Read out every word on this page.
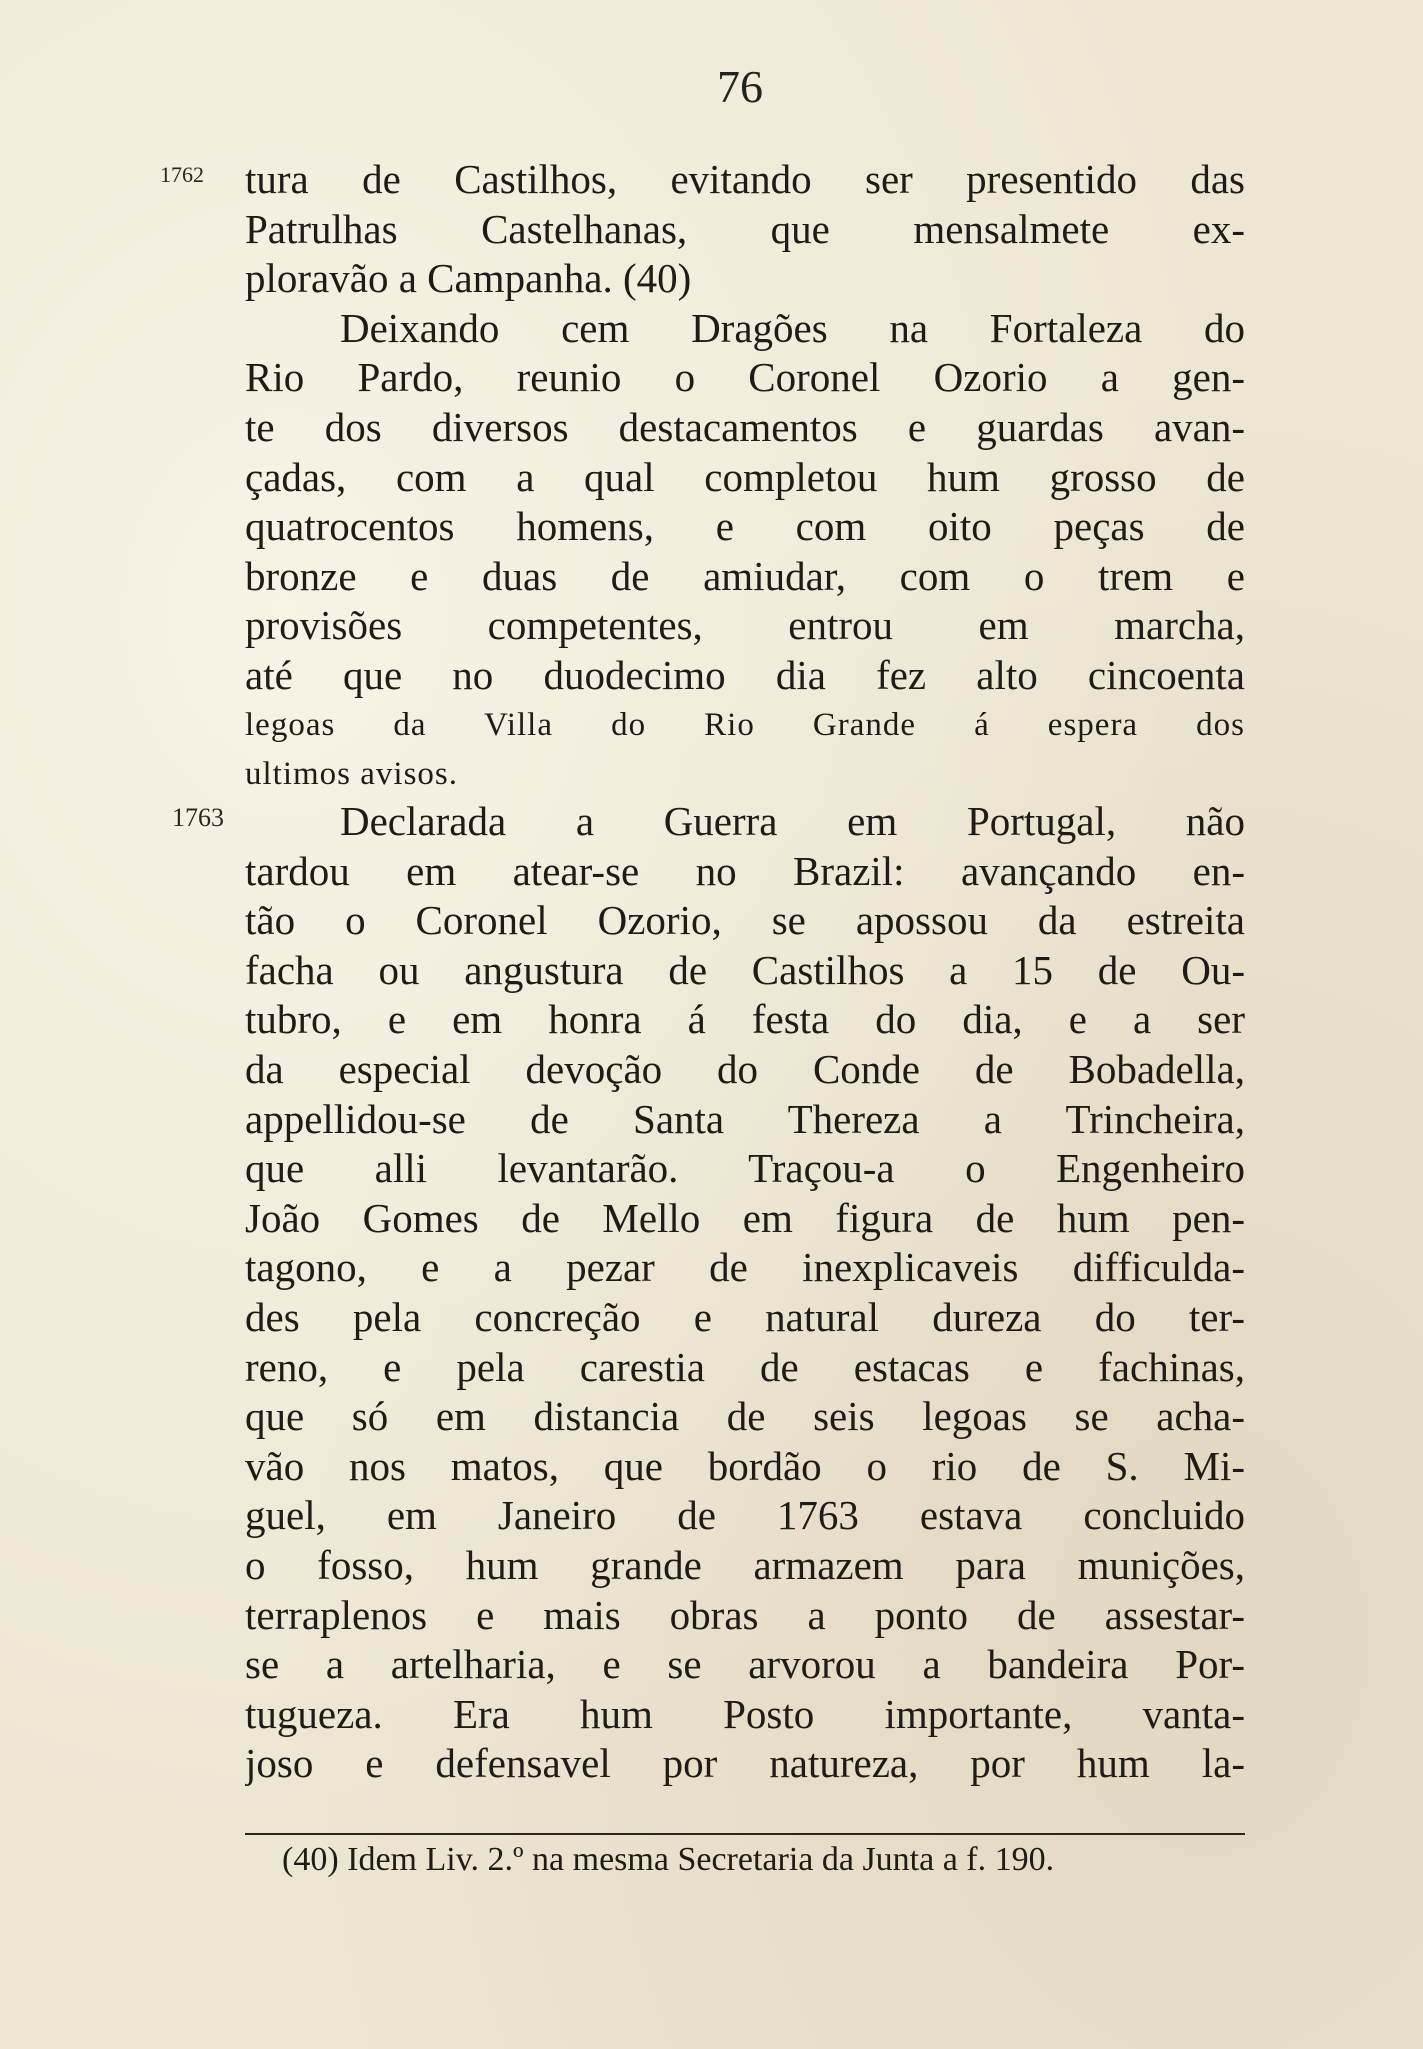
76
1762
1763
tura de Castilhos, evitando ser presentido das
Patrulhas Castelhanas, que mensalmete ex-
ploravão a Campanha. (40)
Deixando cem Dragões na Fortaleza do
Rio Pardo, reunio o Coronel Ozorio a gen-
te dos diversos destacamentos e guardas avan-
çadas, com a qual completou hum grosso de
quatrocentos homens, e com oito peças de
bronze e duas de amiudar, com o trem e
provisões competentes, entrou em marcha,
até que no duodecimo dia fez alto cincoenta
legoas da Villa do Rio Grande á espera dos
ultimos avisos.
Declarada a Guerra em Portugal, não
tardou em atear-se no Brazil: avançando en-
tão o Coronel Ozorio, se apossou da estreita
facha ou angustura de Castilhos a 15 de Ou-
tubro, e em honra á festa do dia, e a ser
da especial devoção do Conde de Bobadella,
appellidou-se de Santa Thereza a Trincheira,
que alli levantarão. Traçou-a o Engenheiro
João Gomes de Mello em figura de hum pen-
tagono, e a pezar de inexplicaveis difficulda-
des pela concreção e natural dureza do ter-
reno, e pela carestia de estacas e fachinas,
que só em distancia de seis legoas se acha-
vão nos matos, que bordão o rio de S. Mi-
guel, em Janeiro de 1763 estava concluido
o fosso, hum grande armazem para munições,
terraplenos e mais obras a ponto de assestar-
se a artelharia, e se arvorou a bandeira Por-
tugueza. Era hum Posto importante, vanta-
joso e defensavel por natureza, por hum la-
(40) Idem Liv. 2.º na mesma Secretaria da Junta a f. 190.
